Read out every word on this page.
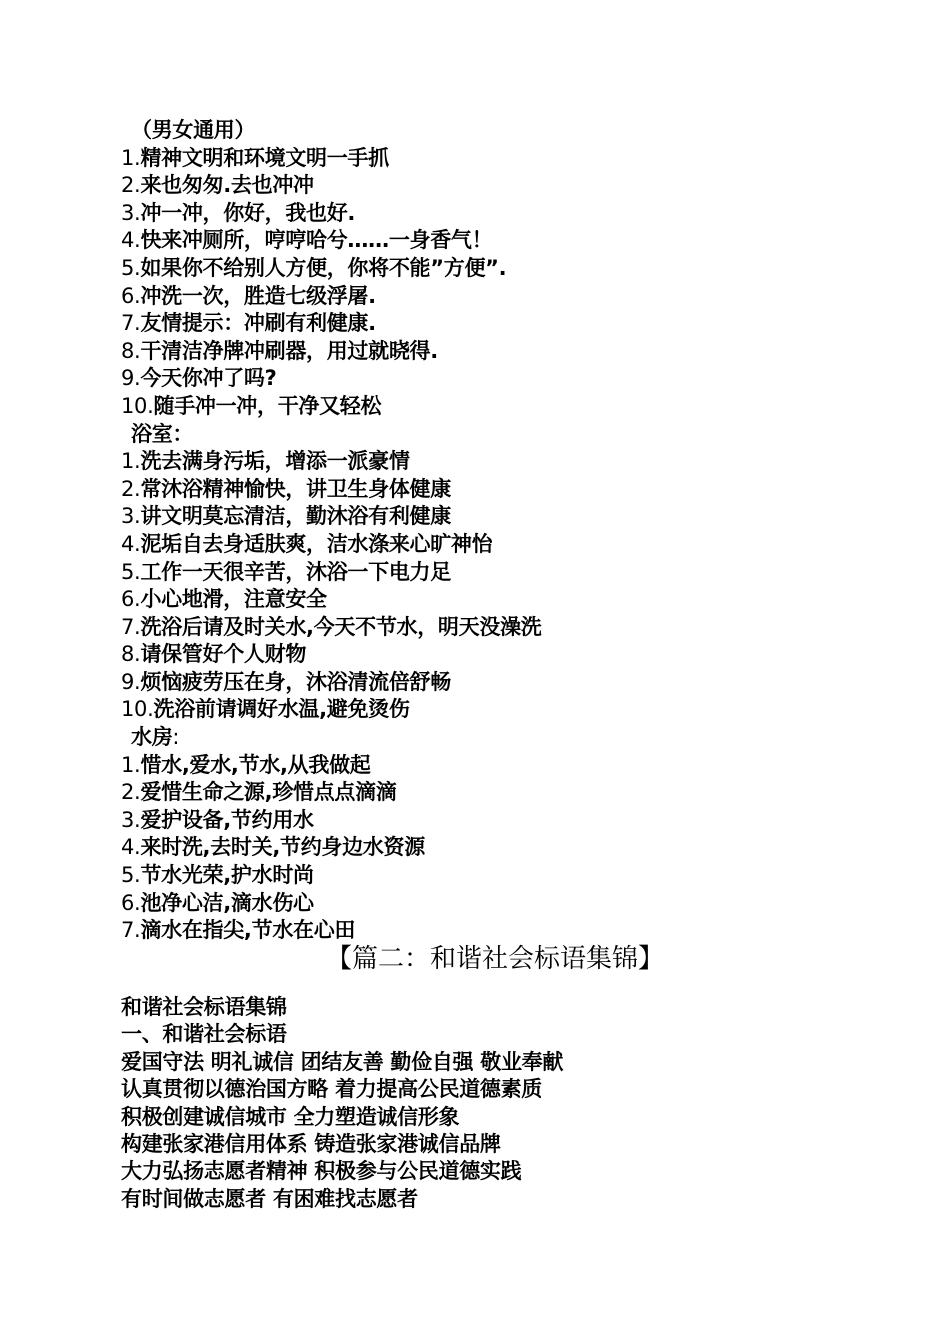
（男女通用）
1.精神文明和环境文明一手抓
2.来也匆匆.去也冲冲
3.冲一冲，你好，我也好.
4.快来冲厕所，哼哼哈兮……一身香气！
5.如果你不给别人方便，你将不能”方便”.
6.冲洗一次，胜造七级浮屠.
7.友情提示：冲刷有利健康.
8.干清洁净牌冲刷器，用过就晓得.
9.今天你冲了吗?
10.随手冲一冲，干净又轻松
浴室：
1.洗去满身污垢，增添一派豪情
2.常沐浴精神愉快，讲卫生身体健康
3.讲文明莫忘清洁，勤沐浴有利健康
4.泥垢自去身适肤爽，洁水涤来心旷神怡
5.工作一天很辛苦，沐浴一下电力足
6.小心地滑，注意安全
7.洗浴后请及时关水,今天不节水，明天没澡洗
8.请保管好个人财物
9.烦恼疲劳压在身，沐浴清流倍舒畅
10.洗浴前请调好水温,避免烫伤
水房:
1.惜水,爱水,节水,从我做起
2.爱惜生命之源,珍惜点点滴滴
3.爱护设备,节约用水
4.来时洗,去时关,节约身边水资源
5.节水光荣,护水时尚
6.池净心洁,滴水伤心
7.滴水在指尖,节水在心田
【篇二：和谐社会标语集锦】
和谐社会标语集锦
一、和谐社会标语
爱国守法 明礼诚信 团结友善 勤俭自强 敬业奉献
认真贯彻以德治国方略 着力提高公民道德素质
积极创建诚信城市 全力塑造诚信形象
构建张家港信用体系 铸造张家港诚信品牌
大力弘扬志愿者精神 积极参与公民道德实践
有时间做志愿者 有困难找志愿者
